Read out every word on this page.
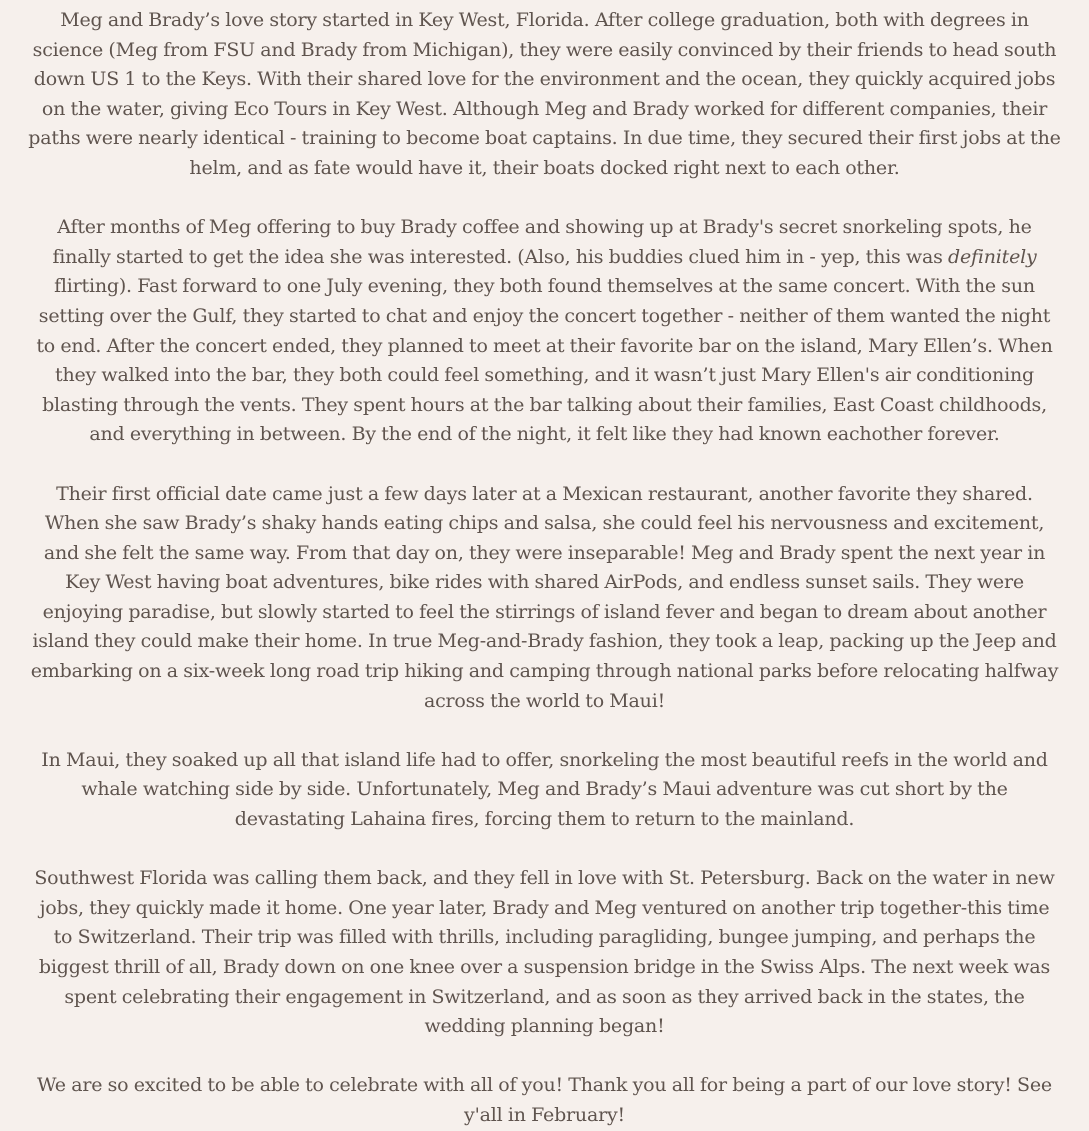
Meg and Brady’s love story started in Key West, Florida. After college graduation, both with degrees in science (Meg from FSU and Brady from Michigan), they were easily convinced by their friends to head south down US 1 to the Keys. With their shared love for the environment and the ocean, they quickly acquired jobs on the water, giving Eco Tours in Key West. Although Meg and Brady worked for different companies, their paths were nearly identical - training to become boat captains. In due time, they secured their first jobs at the helm, and as fate would have it, their boats docked right next to each other.

After months of Meg offering to buy Brady coffee and showing up at Brady's secret snorkeling spots, he finally started to get the idea she was interested. (Also, his buddies clued him in - yep, this was definitely flirting). Fast forward to one July evening, they both found themselves at the same concert. With the sun setting over the Gulf, they started to chat and enjoy the concert together - neither of them wanted the night to end. After the concert ended, they planned to meet at their favorite bar on the island, Mary Ellen’s. When they walked into the bar, they both could feel something, and it wasn’t just Mary Ellen's air conditioning blasting through the vents. They spent hours at the bar talking about their families, East Coast childhoods, and everything in between. By the end of the night, it felt like they had known eachother forever.

Their first official date came just a few days later at a Mexican restaurant, another favorite they shared. When she saw Brady’s shaky hands eating chips and salsa, she could feel his nervousness and excitement, and she felt the same way. From that day on, they were inseparable! Meg and Brady spent the next year in Key West having boat adventures, bike rides with shared AirPods, and endless sunset sails. They were enjoying paradise, but slowly started to feel the stirrings of island fever and began to dream about another island they could make their home. In true Meg-and-Brady fashion, they took a leap, packing up the Jeep and embarking on a six-week long road trip hiking and camping through national parks before relocating halfway across the world to Maui!

In Maui, they soaked up all that island life had to offer, snorkeling the most beautiful reefs in the world and whale watching side by side. Unfortunately, Meg and Brady’s Maui adventure was cut short by the devastating Lahaina fires, forcing them to return to the mainland.

Southwest Florida was calling them back, and they fell in love with St. Petersburg. Back on the water in new jobs, they quickly made it home. One year later, Brady and Meg ventured on another trip together-this time to Switzerland. Their trip was filled with thrills, including paragliding, bungee jumping, and perhaps the biggest thrill of all, Brady down on one knee over a suspension bridge in the Swiss Alps. The next week was spent celebrating their engagement in Switzerland, and as soon as they arrived back in the states, the wedding planning began!

We are so excited to be able to celebrate with all of you! Thank you all for being a part of our love story! See y'all in February!
